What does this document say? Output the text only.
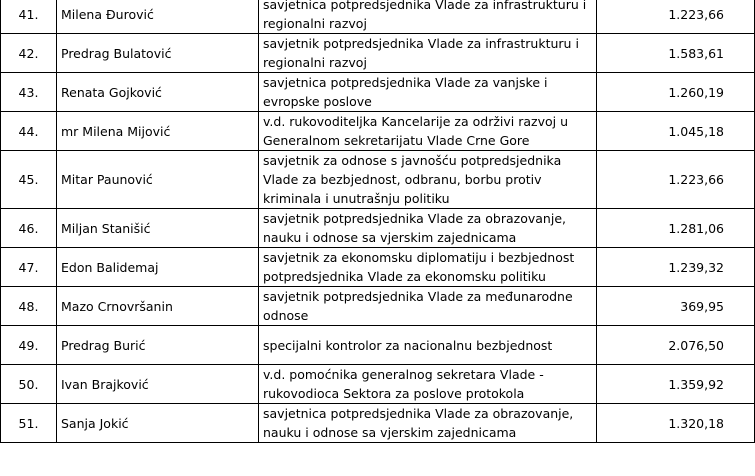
41.	Milena Đurović	savjetnica potpredsjednika Vlade za infrastrukturu i regionalni razvoj	1.223,66
42.	Predrag Bulatović	savjetnik potpredsjednika Vlade za infrastrukturu i regionalni razvoj	1.583,61
43.	Renata Gojković	savjetnica potpredsjednika Vlade za vanjske i evropske poslove	1.260,19
44.	mr Milena Mijović	v.d. rukovoditeljka Kancelarije za održivi razvoj u Generalnom sekretarijatu Vlade Crne Gore	1.045,18
45.	Mitar Paunović	savjetnik za odnose s javnošću potpredsjednika Vlade za bezbjednost, odbranu, borbu protiv kriminala i unutrašnju politiku	1.223,66
46.	Miljan Stanišić	savjetnik potpredsjednika Vlade za obrazovanje, nauku i odnose sa vjerskim zajednicama	1.281,06
47.	Edon Balidemaj	savjetnik za ekonomsku diplomatiju i bezbjednost potpredsjednika Vlade za ekonomsku politiku	1.239,32
48.	Mazo Crnovršanin	savjetnik potpredsjednika Vlade za međunarodne odnose	369,95
49.	Predrag Burić	specijalni kontrolor za nacionalnu bezbjednost	2.076,50
50.	Ivan Brajković	v.d. pomoćnika generalnog sekretara Vlade - rukovodioca Sektora za poslove protokola	1.359,92
51.	Sanja Jokić	savjetnica potpredsjednika Vlade za obrazovanje, nauku i odnose sa vjerskim zajednicama	1.320,18
